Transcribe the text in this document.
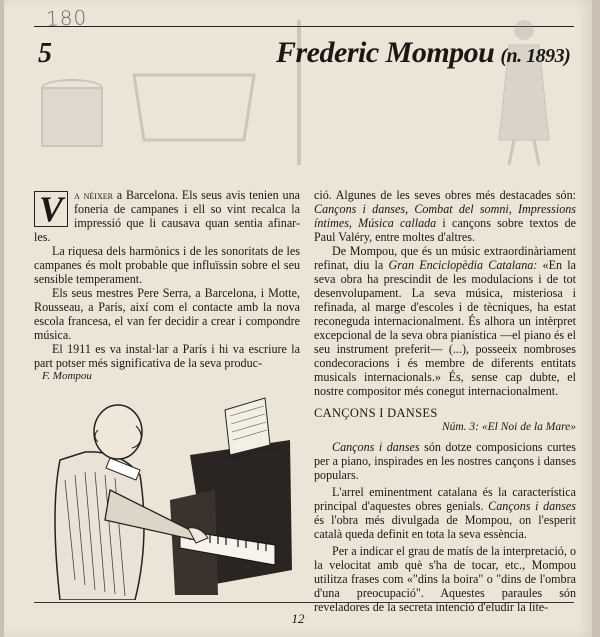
180
5	Frederic Mompou (n. 1893)

V a néixer a Barcelona. Els seus avis tenien una foneria de campanes i ell so vint recalca la impressió que li causava quan sentia afinar-les.

La riquesa dels harmònics i de les sonoritats de les campanes és molt probable que influïssin sobre el seu sensible temperament.

Els seus mestres Pere Serra, a Barcelona, i Motte, Rousseau, a París, així com el contacte amb la nova escola francesa, el van fer decidir a crear i compondre música.

El 1911 es va instal·lar a París i hi va escriure la part potser més significativa de la seva produc-

F. Mompou

ció. Algunes de les seves obres més destacades són: Cançons i danses, Combat del somni, Impressions íntimes, Música callada i cançons sobre textos de Paul Valéry, entre moltes d'altres.

De Mompou, que és un músic extraordinàriament refinat, diu la Gran Enciclopèdia Catalana: «En la seva obra ha prescindit de les modulacions i de tot desenvolupament. La seva música, misteriosa i refinada, al marge d'escoles i de tècniques, ha estat reconeguda internacionalment. És alhora un intèrpret excepcional de la seva obra pianística —el piano és el seu instrument preferit— (...), posseeix nombroses condecoracions i és membre de diferents entitats musicals internacionals.» És, sense cap dubte, el nostre compositor més conegut internacionalment.

CANÇONS I DANSES

Núm. 3: «El Noi de la Mare»

Cançons i danses són dotze composicions curtes per a piano, inspirades en les nostres cançons i danses populars.

L'arrel eminentment catalana és la característica principal d'aquestes obres genials. Cançons i danses és l'obra més divulgada de Mompou, on l'esperit català queda definit en tota la seva essència.

Per a indicar el grau de matís de la interpretació, o la velocitat amb què s'ha de tocar, etc., Mompou utilitza frases com «"dins la boira" o "dins de l'ombra d'una preocupació". Aquestes paraules són reveladores de la secreta intenció d'eludir la lite-

12
